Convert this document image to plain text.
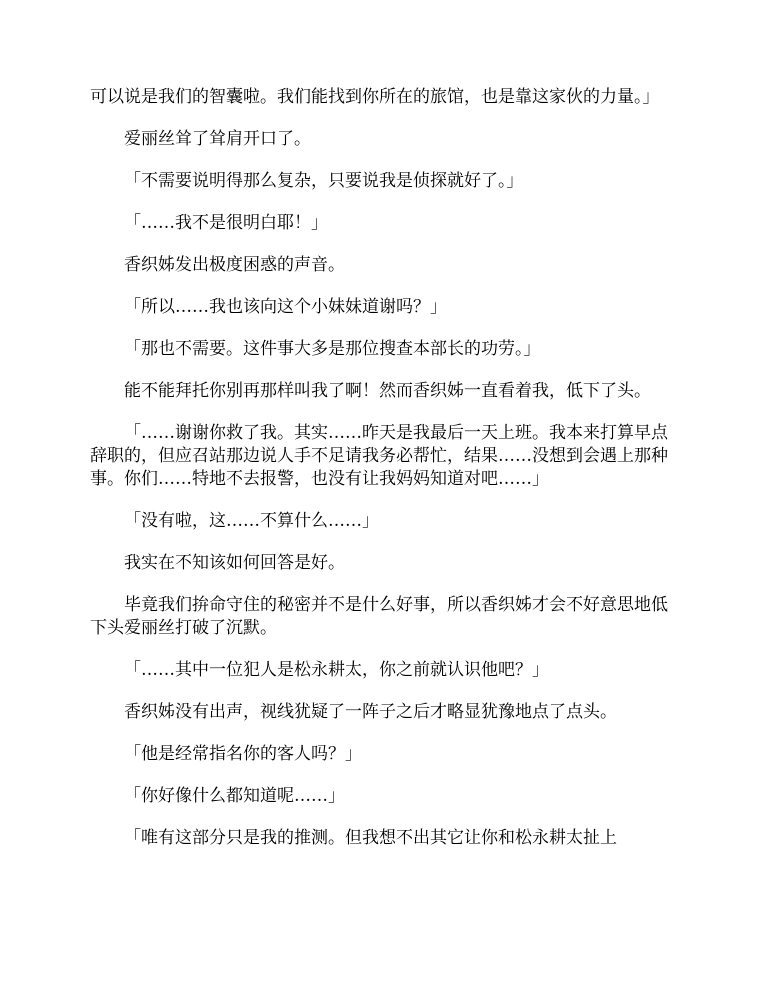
可以说是我们的智囊啦。我们能找到你所在的旅馆，也是靠这家伙的力量。」

爱丽丝耸了耸肩开口了。

「不需要说明得那么复杂，只要说我是侦探就好了。」

「……我不是很明白耶！」

香织姊发出极度困惑的声音。

「所以……我也该向这个小妹妹道谢吗？」

「那也不需要。这件事大多是那位搜查本部长的功劳。」

能不能拜托你别再那样叫我了啊！然而香织姊一直看着我，低下了头。

「……谢谢你救了我。其实……昨天是我最后一天上班。我本来打算早点辞职的，但应召站那边说人手不足请我务必帮忙，结果……没想到会遇上那种事。你们……特地不去报警，也没有让我妈妈知道对吧……」

「没有啦，这……不算什么……」

我实在不知该如何回答是好。

毕竟我们拚命守住的秘密并不是什么好事，所以香织姊才会不好意思地低下头爱丽丝打破了沉默。

「……其中一位犯人是松永耕太，你之前就认识他吧？」

香织姊没有出声，视线犹疑了一阵子之后才略显犹豫地点了点头。

「他是经常指名你的客人吗？」

「你好像什么都知道呢……」

「唯有这部分只是我的推测。但我想不出其它让你和松永耕太扯上
